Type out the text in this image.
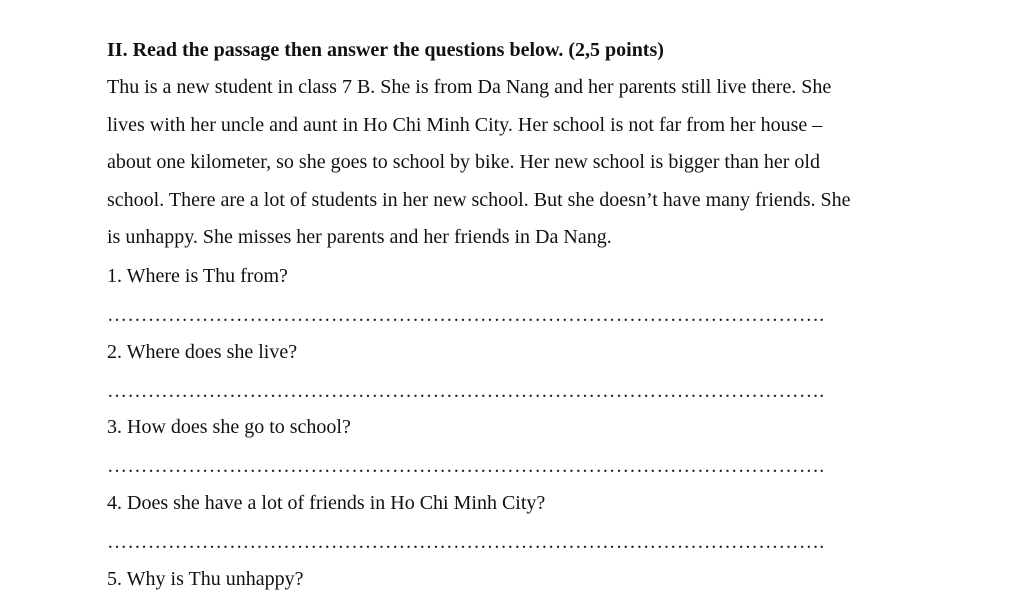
II. Read the passage then answer the questions below. (2,5 points)

Thu is a new student in class 7 B. She is from Da Nang and her parents still live there. She
lives with her uncle and aunt in Ho Chi Minh City. Her school is not far from her house –
about one kilometer, so she goes to school by bike. Her new school is bigger than her old
school. There are a lot of students in her new school. But she doesn’t have many friends. She
is unhappy. She misses her parents and her friends in Da Nang.

1. Where is Thu from?
…………………………………………………………………………………………….
2. Where does she live?
…………………………………………………………………………………………….
3. How does she go to school?
…………………………………………………………………………………………….
4. Does she have a lot of friends in Ho Chi Minh City?
…………………………………………………………………………………………….
5. Why is Thu unhappy?
